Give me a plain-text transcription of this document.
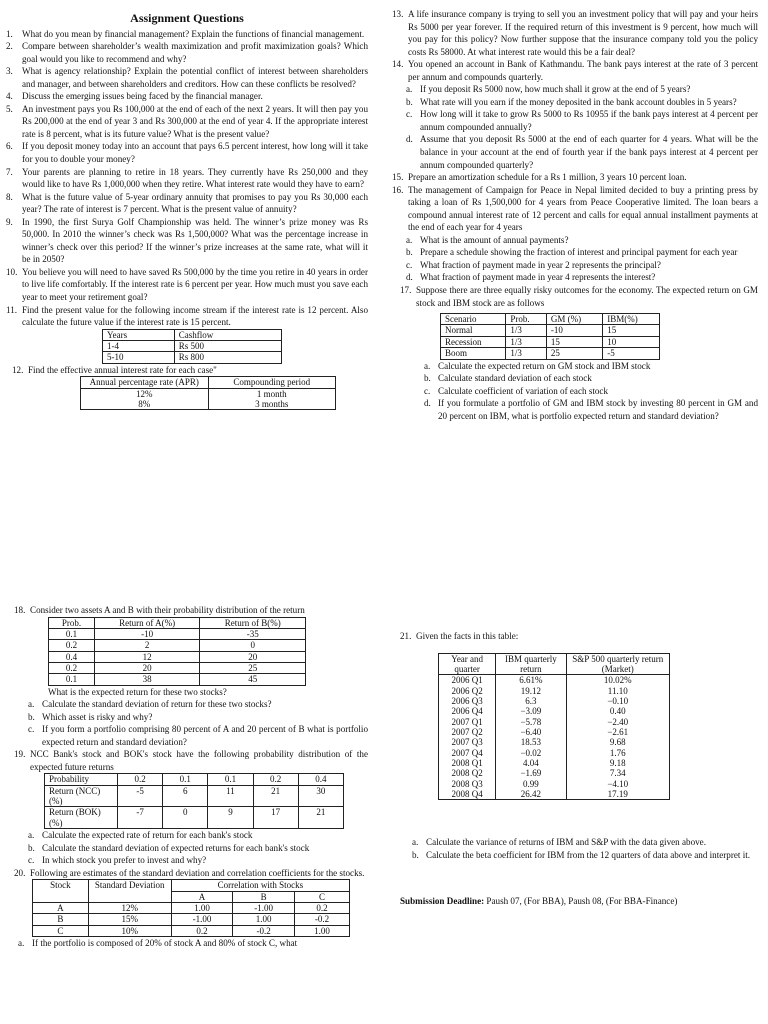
Assignment Questions
1.	What do you mean by financial management? Explain the functions of financial management.
2.	Compare between shareholder’s wealth maximization and profit maximization goals? Which goal would you like to recommend and why?
3.	What is agency relationship? Explain the potential conflict of interest between shareholders and manager, and between shareholders and creditors. How can these conflicts be resolved?
4.	Discuss the emerging issues being faced by the financial manager.
5.	An investment pays you Rs 100,000 at the end of each of the next 2 years. It will then pay you Rs 200,000 at the end of year 3 and Rs 300,000 at the end of year 4. If the appropriate interest rate is 8 percent, what is its future value? What is the present value?
6.	If you deposit money today into an account that pays 6.5 percent interest, how long will it take for you to double your money?
7.	Your parents are planning to retire in 18 years. They currently have Rs 250,000 and they would like to have Rs 1,000,000 when they retire. What interest rate would they have to earn?
8.	What is the future value of 5-year ordinary annuity that promises to pay you Rs 30,000 each year? The rate of interest is 7 percent. What is the present value of annuity?
9.	In 1990, the first Surya Golf Championship was held. The winner’s prize money was Rs 50,000. In 2010 the winner’s check was Rs 1,500,000? What was the percentage increase in winner’s check over this period? If the winner’s prize increases at the same rate, what will it be in 2050?
10. You believe you will need to have saved Rs 500,000 by the time you retire in 40 years in order to live life comfortably. If the interest rate is 6 percent per year. How much must you save each year to meet your retirement goal?
11. Find the present value for the following income stream if the interest rate is 12 percent. Also calculate the future value if the interest rate is 15 percent.
Years	Cashflow
1-4	Rs 500
5-10	Rs 800
12. Find the effective annual interest rate for each case"
Annual percentage rate (APR)	Compounding period
12%	1 month
8%	3 months
13. A life insurance company is trying to sell you an investment policy that will pay and your heirs Rs 5000 per year forever. If the required return of this investment is 9 percent, how much will you pay for this policy? Now further suppose that the insurance company told you the policy costs Rs 58000. At what interest rate would this be a fair deal?
14. You opened an account in Bank of Kathmandu. The bank pays interest at the rate of 3 percent per annum and compounds quarterly.
a. If you deposit Rs 5000 now, how much shall it grow at the end of 5 years?
b. What rate will you earn if the money deposited in the bank account doubles in 5 years?
c. How long will it take to grow Rs 5000 to Rs 10955 if the bank pays interest at 4 percent per annum compounded annually?
d. Assume that you deposit Rs 5000 at the end of each quarter for 4 years. What will be the balance in your account at the end of fourth year if the bank pays interest at 4 percent per annum compounded quarterly?
15. Prepare an amortization schedule for a Rs 1 million, 3 years 10 percent loan.
16. The management of Campaign for Peace in Nepal limited decided to buy a printing press by taking a loan of Rs 1,500,000 for 4 years from Peace Cooperative limited. The loan bears a compound annual interest rate of 12 percent and calls for equal annual installment payments at the end of each year for 4 years
a. What is the amount of annual payments?
b. Prepare a schedule showing the fraction of interest and principal payment for each year
c. What fraction of payment made in year 2 represents the principal?
d. What fraction of payment made in year 4 represents the interest?
17. Suppose there are three equally risky outcomes for the economy. The expected return on GM stock and IBM stock are as follows
Scenario	Prob.	GM (%)	IBM(%)
Normal	1/3	-10	15
Recession	1/3	15	10
Boom	1/3	25	-5
a. Calculate the expected return on GM stock and IBM stock
b. Calculate standard deviation of each stock
c. Calculate coefficient of variation of each stock
d. If you formulate a portfolio of GM and IBM stock by investing 80 percent in GM and 20 percent on IBM, what is portfolio expected return and standard deviation?
18. Consider two assets A and B with their probability distribution of the return
Prob.	Return of A(%)	Return of B(%)
0.1	-10	-35
0.2	2	0
0.4	12	20
0.2	20	25
0.1	38	45
What is the expected return for these two stocks?
a. Calculate the standard deviation of return for these two stocks?
b. Which asset is risky and why?
c. If you form a portfolio comprising 80 percent of A and 20 percent of B what is portfolio expected return and standard deviation?
19. NCC Bank's stock and BOK's stock have the following probability distribution of the expected future returns
Probability	0.2	0.1	0.1	0.2	0.4
Return (NCC) (%)	-5	6	11	21	30
Return (BOK) (%)	-7	0	9	17	21
a. Calculate the expected rate of return for each bank's stock
b. Calculate the standard deviation of expected returns for each bank's stock
c. In which stock you prefer to invest and why?
20. Following are estimates of the standard deviation and correlation coefficients for the stocks.
Stock	Standard Deviation	Correlation with Stocks		
		A	B	C
A	12%	1.00	-1.00	0.2
B	15%	-1.00	1.00	-0.2
C	10%	0.2	-0.2	1.00
a. If the portfolio is composed of 20% of stock A and 80% of stock C, what
21. Given the facts in this table:
Year and quarter	IBM quarterly return	S&P 500 quarterly return (Market)
2006 Q1	6.61%	10.02%
2006 Q2	19.12	11.10
2006 Q3	6.3	−0.10
2006 Q4	−3.09	0.40
2007 Q1	−5.78	−2.40
2007 Q2	−6.40	−2.61
2007 Q3	18.53	9.68
2007 Q4	−0.02	1.76
2008 Q1	4.04	9.18
2008 Q2	−1.69	7.34
2008 Q3	0.99	−4.10
2008 Q4	26.42	17.19
a. Calculate the variance of returns of IBM and S&P with the data given above.
b. Calculate the beta coefficient for IBM from the 12 quarters of data above and interpret it.
Submission Deadline: Paush 07, (For BBA), Paush 08, (For BBA-Finance)
